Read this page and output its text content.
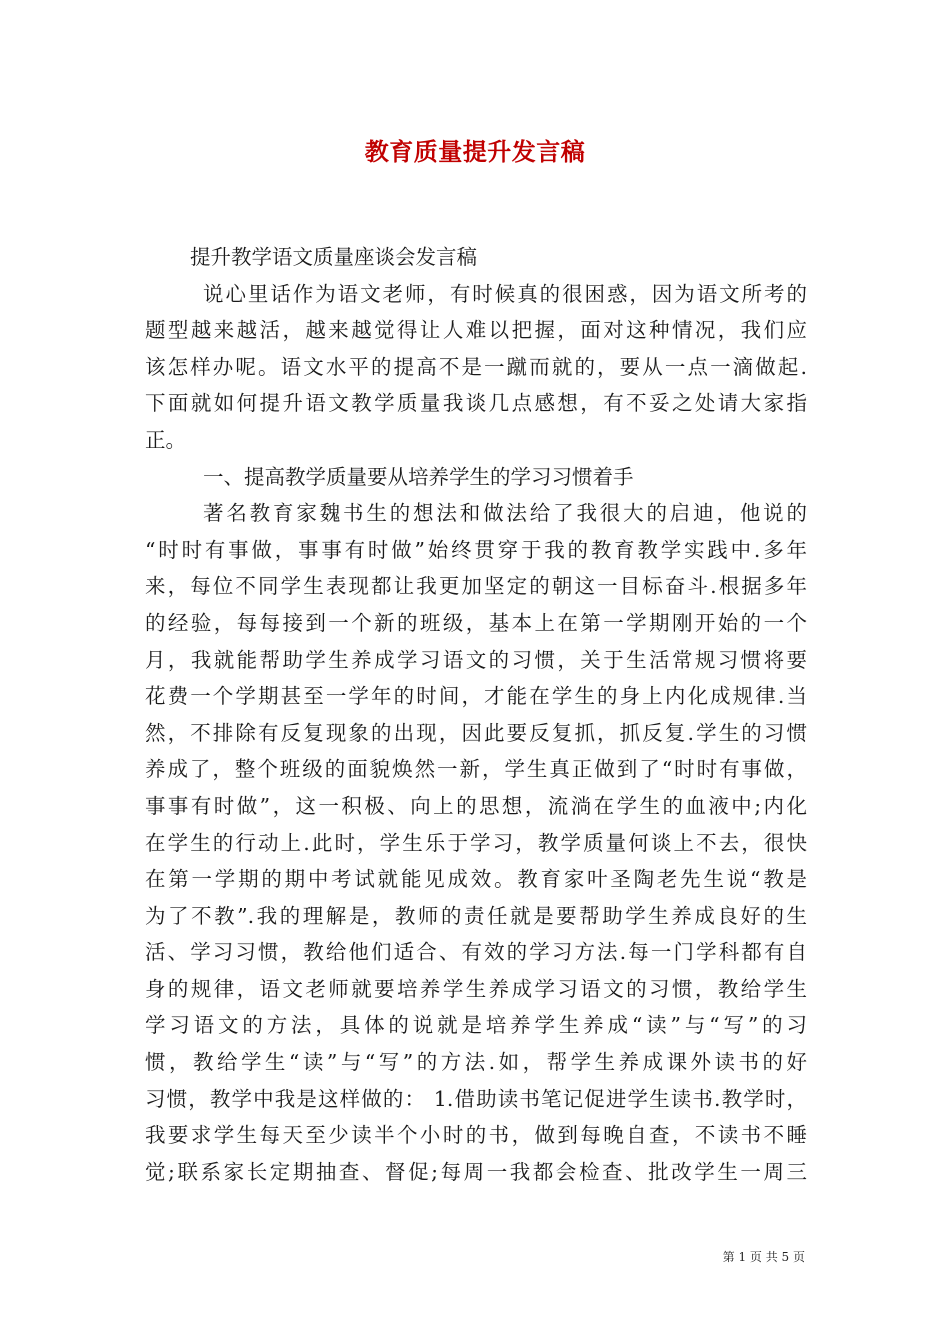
教育质量提升发言稿
提升教学语文质量座谈会发言稿
说心里话作为语文老师，有时候真的很困惑，因为语文所考的
题型越来越活，越来越觉得让人难以把握，面对这种情况，我们应
该怎样办呢。语文水平的提高不是一蹴而就的，要从一点一滴做起.
下面就如何提升语文教学质量我谈几点感想，有不妥之处请大家指
正。
一、提高教学质量要从培养学生的学习习惯着手
著名教育家魏书生的想法和做法给了我很大的启迪，他说的
“时时有事做，事事有时做”始终贯穿于我的教育教学实践中.多年
来，每位不同学生表现都让我更加坚定的朝这一目标奋斗.根据多年
的经验，每每接到一个新的班级，基本上在第一学期刚开始的一个
月，我就能帮助学生养成学习语文的习惯，关于生活常规习惯将要
花费一个学期甚至一学年的时间，才能在学生的身上内化成规律.当
然，不排除有反复现象的出现，因此要反复抓，抓反复.学生的习惯
养成了，整个班级的面貌焕然一新，学生真正做到了“时时有事做，
事事有时做”，这一积极、向上的思想，流淌在学生的血液中;内化
在学生的行动上.此时，学生乐于学习，教学质量何谈上不去，很快
在第一学期的期中考试就能见成效。教育家叶圣陶老先生说“教是
为了不教”.我的理解是，教师的责任就是要帮助学生养成良好的生
活、学习习惯，教给他们适合、有效的学习方法.每一门学科都有自
身的规律，语文老师就要培养学生养成学习语文的习惯，教给学生
学习语文的方法，具体的说就是培养学生养成“读”与“写”的习
惯，教给学生“读”与“写”的方法.如，帮学生养成课外读书的好
习惯，教学中我是这样做的： 1.借助读书笔记促进学生读书.教学时，
我要求学生每天至少读半个小时的书，做到每晚自查，不读书不睡
觉;联系家长定期抽查、督促;每周一我都会检查、批改学生一周三
第 1 页 共 5 页
